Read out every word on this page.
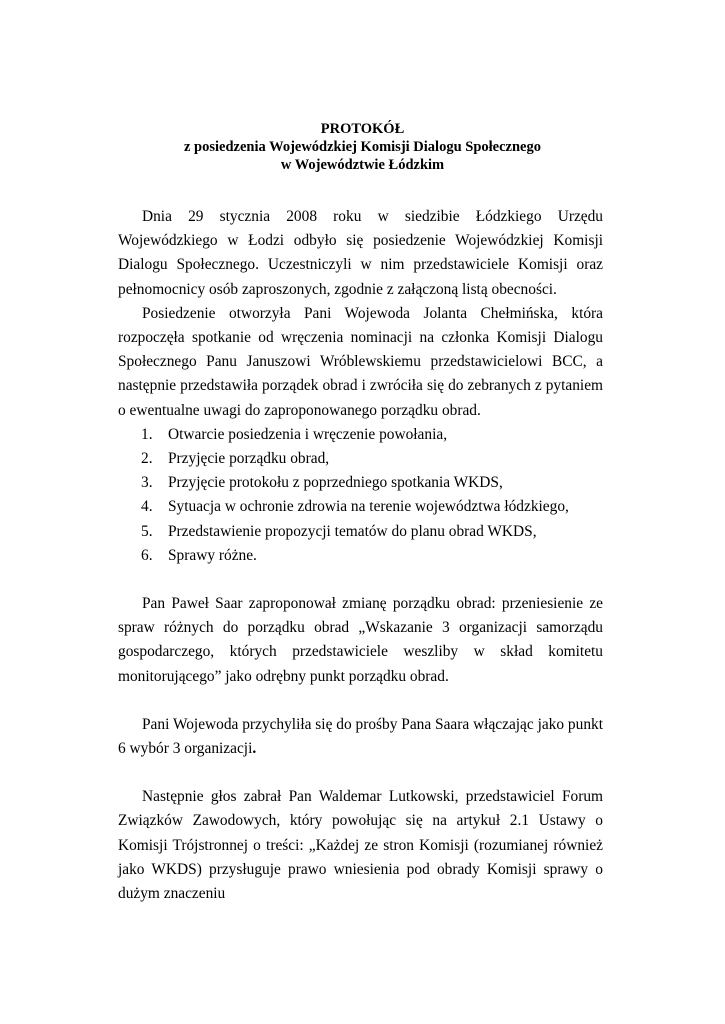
PROTOKÓŁ
z posiedzenia Wojewódzkiej Komisji Dialogu Społecznego
w Województwie Łódzkim

Dnia 29 stycznia 2008 roku w siedzibie Łódzkiego Urzędu Wojewódzkiego w Łodzi odbyło się posiedzenie Wojewódzkiej Komisji Dialogu Społecznego. Uczestniczyli w nim przedstawiciele Komisji oraz pełnomocnicy osób zaproszonych, zgodnie z załączoną listą obecności.

Posiedzenie otworzyła Pani Wojewoda Jolanta Chełmińska, która rozpoczęła spotkanie od wręczenia nominacji na członka Komisji Dialogu Społecznego Panu Januszowi Wróblewskiemu przedstawicielowi BCC, a następnie przedstawiła porządek obrad i zwróciła się do zebranych z pytaniem o ewentualne uwagi do zaproponowanego porządku obrad.

1. Otwarcie posiedzenia i wręczenie powołania,
2. Przyjęcie porządku obrad,
3. Przyjęcie protokołu z poprzedniego spotkania WKDS,
4. Sytuacja w ochronie zdrowia na terenie województwa łódzkiego,
5. Przedstawienie propozycji tematów do planu obrad WKDS,
6. Sprawy różne.

Pan Paweł Saar zaproponował zmianę porządku obrad: przeniesienie ze spraw różnych do porządku obrad „Wskazanie 3 organizacji samorządu gospodarczego, których przedstawiciele weszliby w skład komitetu monitorującego” jako odrębny punkt porządku obrad.

Pani Wojewoda przychyliła się do prośby Pana Saara włączając jako punkt 6 wybór 3 organizacji.

Następnie głos zabrał Pan Waldemar Lutkowski, przedstawiciel Forum Związków Zawodowych, który powołując się na artykuł 2.1 Ustawy o Komisji Trójstronnej o treści: „Każdej ze stron Komisji (rozumianej również jako WKDS) przysługuje prawo wniesienia pod obrady Komisji sprawy o dużym znaczeniu
